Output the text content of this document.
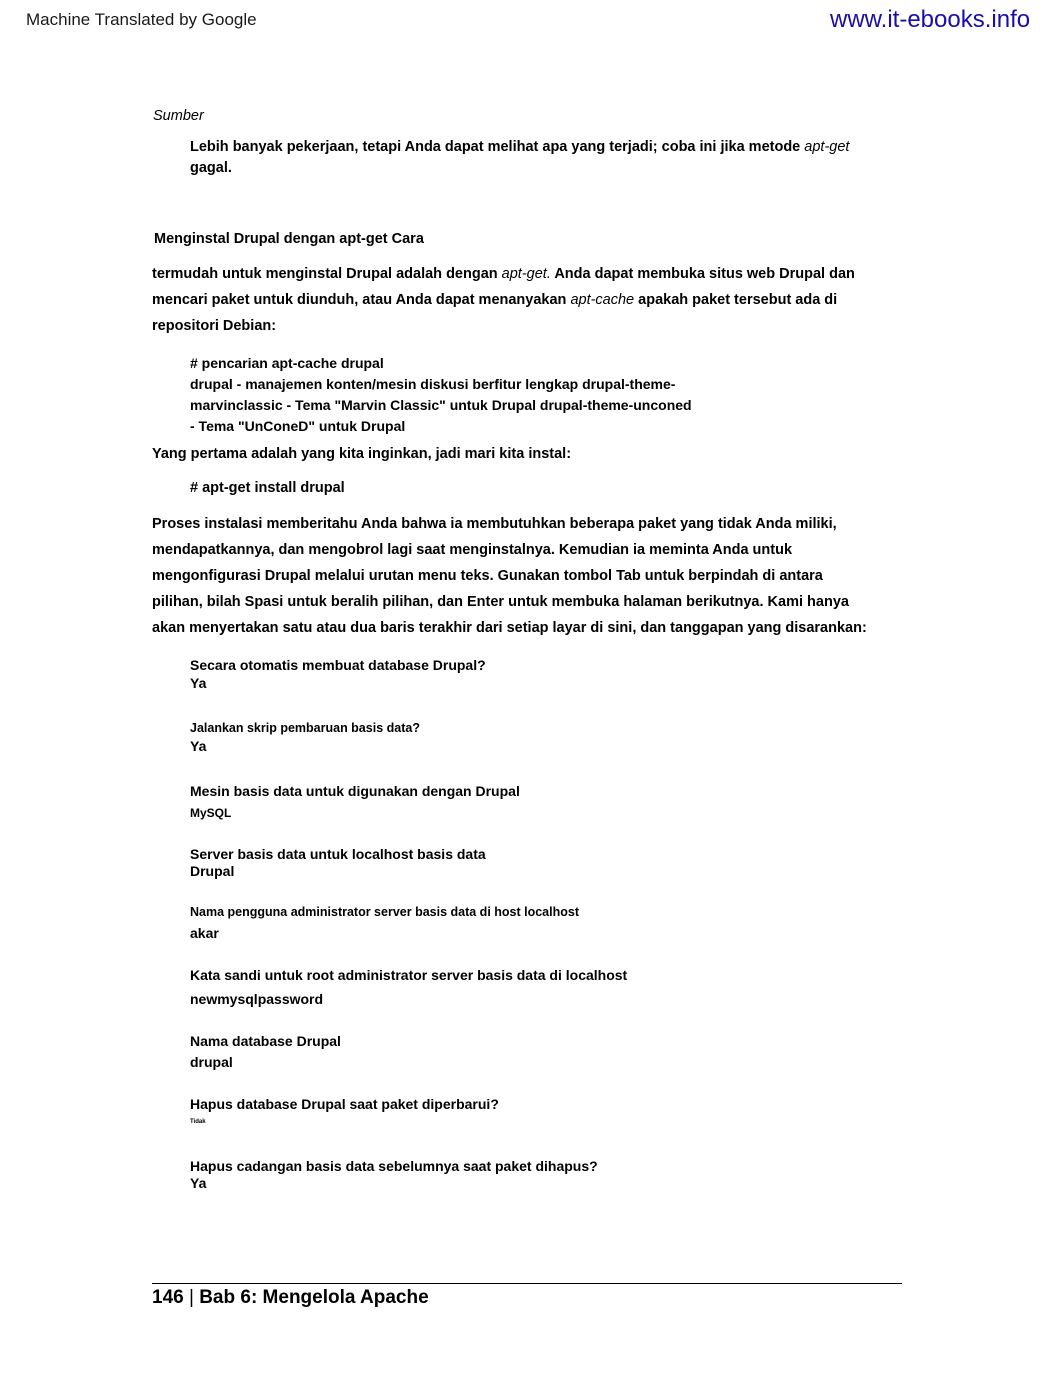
Machine Translated by Google	www.it-ebooks.info
Sumber
Lebih banyak pekerjaan, tetapi Anda dapat melihat apa yang terjadi; coba ini jika metode apt-get
gagal.
Menginstal Drupal dengan apt-get Cara
termudah untuk menginstal Drupal adalah dengan apt-get. Anda dapat membuka situs web Drupal dan
mencari paket untuk diunduh, atau Anda dapat menanyakan apt-cache apakah paket tersebut ada di
repositori Debian:
# pencarian apt-cache drupal
drupal - manajemen konten/mesin diskusi berfitur lengkap drupal-theme-
marvinclassic - Tema "Marvin Classic" untuk Drupal drupal-theme-unconed
- Tema "UnConeD" untuk Drupal
Yang pertama adalah yang kita inginkan, jadi mari kita instal:
# apt-get install drupal
Proses instalasi memberitahu Anda bahwa ia membutuhkan beberapa paket yang tidak Anda miliki,
mendapatkannya, dan mengobrol lagi saat menginstalnya. Kemudian ia meminta Anda untuk
mengonfigurasi Drupal melalui urutan menu teks. Gunakan tombol Tab untuk berpindah di antara
pilihan, bilah Spasi untuk beralih pilihan, dan Enter untuk membuka halaman berikutnya. Kami hanya
akan menyertakan satu atau dua baris terakhir dari setiap layar di sini, dan tanggapan yang disarankan:
Secara otomatis membuat database Drupal?
Ya
Jalankan skrip pembaruan basis data?
Ya
Mesin basis data untuk digunakan dengan Drupal
MySQL
Server basis data untuk localhost basis data
Drupal
Nama pengguna administrator server basis data di host localhost
akar
Kata sandi untuk root administrator server basis data di localhost
newmysqlpassword
Nama database Drupal
drupal
Hapus database Drupal saat paket diperbarui?
Tidak
Hapus cadangan basis data sebelumnya saat paket dihapus?
Ya
146 | Bab 6: Mengelola Apache
